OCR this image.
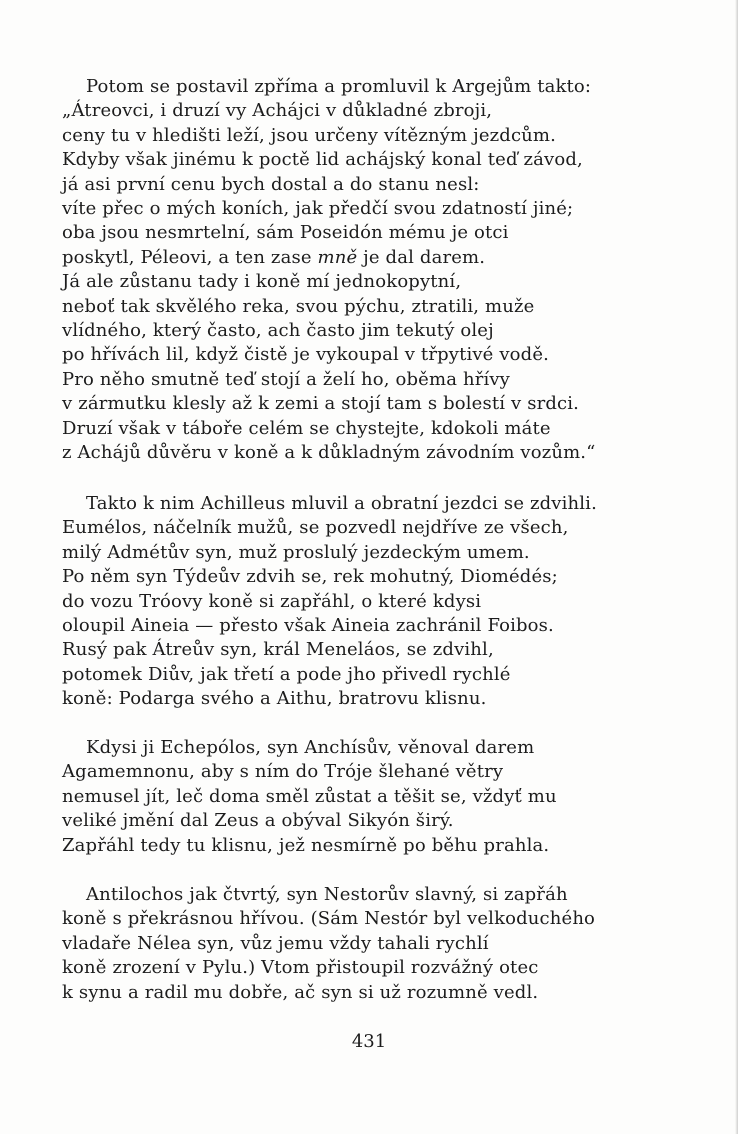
Potom se postavil zpříma a promluvil k Argejům takto:
„Átreovci, i druzí vy Achájci v důkladné zbroji,
ceny tu v hledišti leží, jsou určeny vítězným jezdcům.
Kdyby však jinému k poctě lid achájský konal teď závod,
já asi první cenu bych dostal a do stanu nesl:
víte přec o mých koních, jak předčí svou zdatností jiné;
oba jsou nesmrtelní, sám Poseidón mému je otci
poskytl, Péleovi, a ten zase mně je dal darem.
Já ale zůstanu tady i koně mí jednokopytní,
neboť tak skvělého reka, svou pýchu, ztratili, muže
vlídného, který často, ach často jim tekutý olej
po hřívách lil, když čistě je vykoupal v třpytivé vodě.
Pro něho smutně teď stojí a želí ho, oběma hřívy
v zármutku klesly až k zemi a stojí tam s bolestí v srdci.
Druzí však v táboře celém se chystejte, kdokoli máte
z Achájů důvěru v koně a k důkladným závodním vozům.“
Takto k nim Achilleus mluvil a obratní jezdci se zdvihli.
Eumélos, náčelník mužů, se pozvedl nejdříve ze všech,
milý Admétův syn, muž proslulý jezdeckým umem.
Po něm syn Týdeův zdvih se, rek mohutný, Diomédés;
do vozu Tróovy koně si zapřáhl, o které kdysi
oloupil Aineia — přesto však Aineia zachránil Foibos.
Rusý pak Átreův syn, král Meneláos, se zdvihl,
potomek Diův, jak třetí a pode jho přivedl rychlé
koně: Podarga svého a Aithu, bratrovu klisnu.
Kdysi ji Echepólos, syn Anchísův, věnoval darem
Agamemnonu, aby s ním do Tróje šlehané větry
nemusel jít, leč doma směl zůstat a těšit se, vždyť mu
veliké jmění dal Zeus a obýval Sikyón širý.
Zapřáhl tedy tu klisnu, jež nesmírně po běhu prahla.
Antilochos jak čtvrtý, syn Nestorův slavný, si zapřáh
koně s překrásnou hřívou. (Sám Nestór byl velkoduchého
vladaře Nélea syn, vůz jemu vždy tahali rychlí
koně zrození v Pylu.) Vtom přistoupil rozvážný otec
k synu a radil mu dobře, ač syn si už rozumně vedl.
431
